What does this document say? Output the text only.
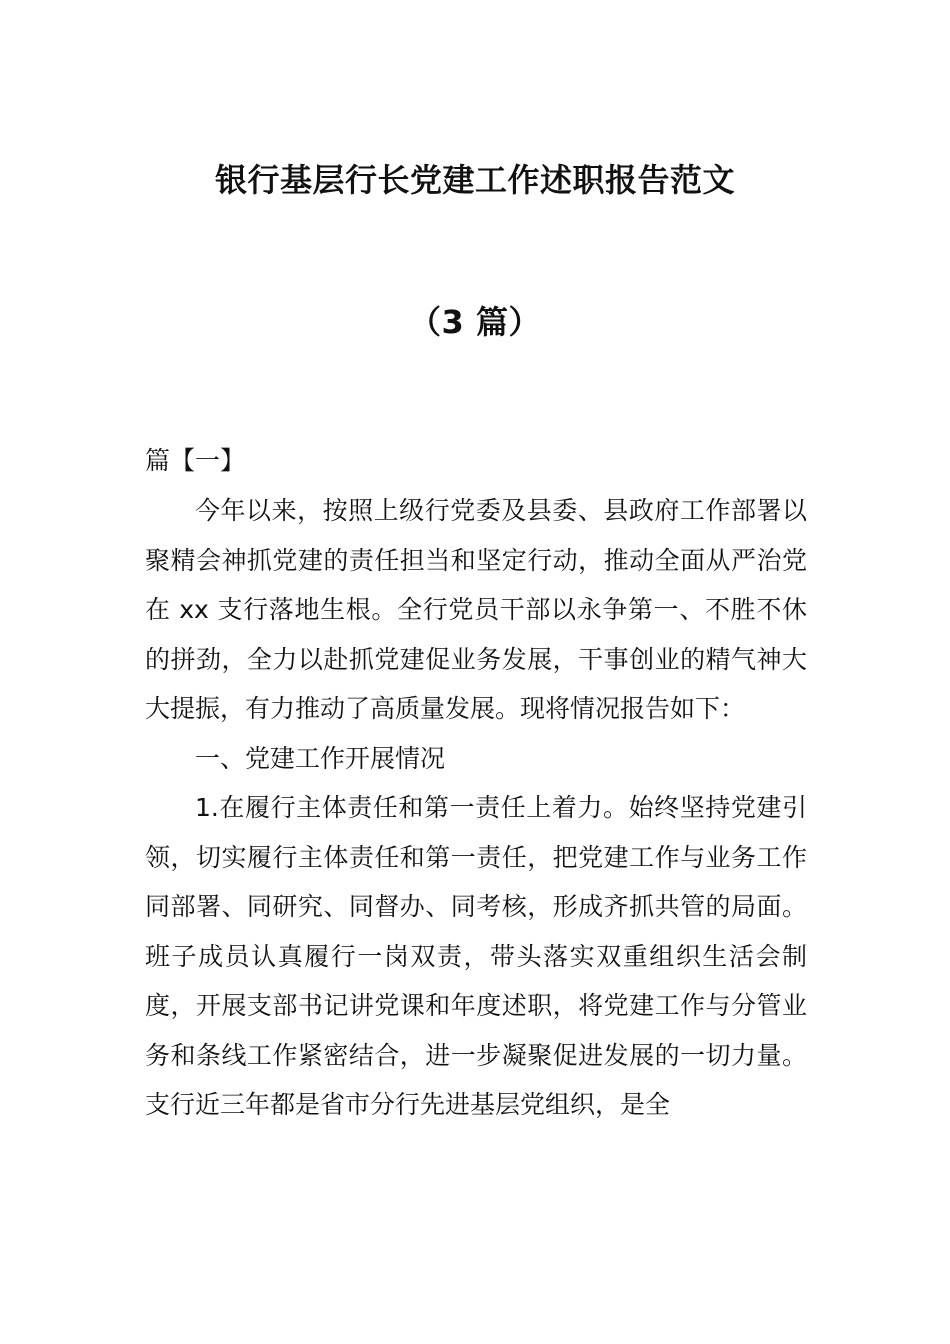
银行基层行长党建工作述职报告范文
（3 篇）
篇【一】

今年以来，按照上级行党委及县委、县政府工作部署以聚精会神抓党建的责任担当和坚定行动，推动全面从严治党在 xx 支行落地生根。全行党员干部以永争第一、不胜不休的拼劲，全力以赴抓党建促业务发展，干事创业的精气神大大提振，有力推动了高质量发展。现将情况报告如下：

一、党建工作开展情况

1.在履行主体责任和第一责任上着力。始终坚持党建引领，切实履行主体责任和第一责任，把党建工作与业务工作同部署、同研究、同督办、同考核，形成齐抓共管的局面。班子成员认真履行一岗双责，带头落实双重组织生活会制度，开展支部书记讲党课和年度述职，将党建工作与分管业务和条线工作紧密结合，进一步凝聚促进发展的一切力量。支行近三年都是省市分行先进基层党组织，是全
